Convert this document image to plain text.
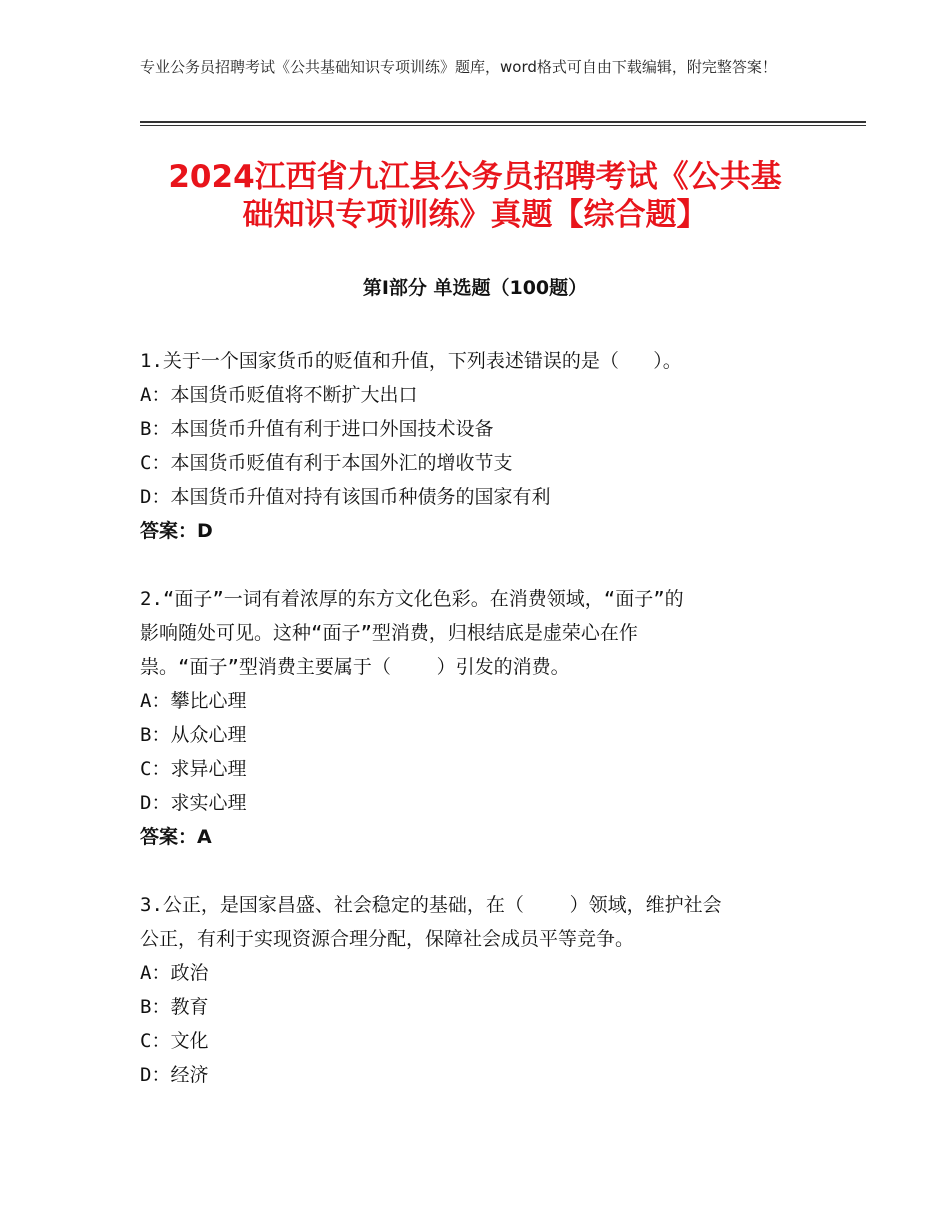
专业公务员招聘考试《公共基础知识专项训练》题库，word格式可自由下载编辑，附完整答案！
2024江西省九江县公务员招聘考试《公共基
础知识专项训练》真题【综合题】
第Ⅰ部分 单选题（100题）
1.关于一个国家货币的贬值和升值，下列表述错误的是（   ）。
A：本国货币贬值将不断扩大出口
B：本国货币升值有利于进口外国技术设备
C：本国货币贬值有利于本国外汇的增收节支
D：本国货币升值对持有该国币种债务的国家有利
答案：D
2.“面子”一词有着浓厚的东方文化色彩。在消费领域，“面子”的
影响随处可见。这种“面子”型消费，归根结底是虚荣心在作
祟。“面子”型消费主要属于（    ）引发的消费。
A：攀比心理
B：从众心理
C：求异心理
D：求实心理
答案：A
3.公正，是国家昌盛、社会稳定的基础，在（    ）领域，维护社会
公正，有利于实现资源合理分配，保障社会成员平等竞争。
A：政治
B：教育
C：文化
D：经济
